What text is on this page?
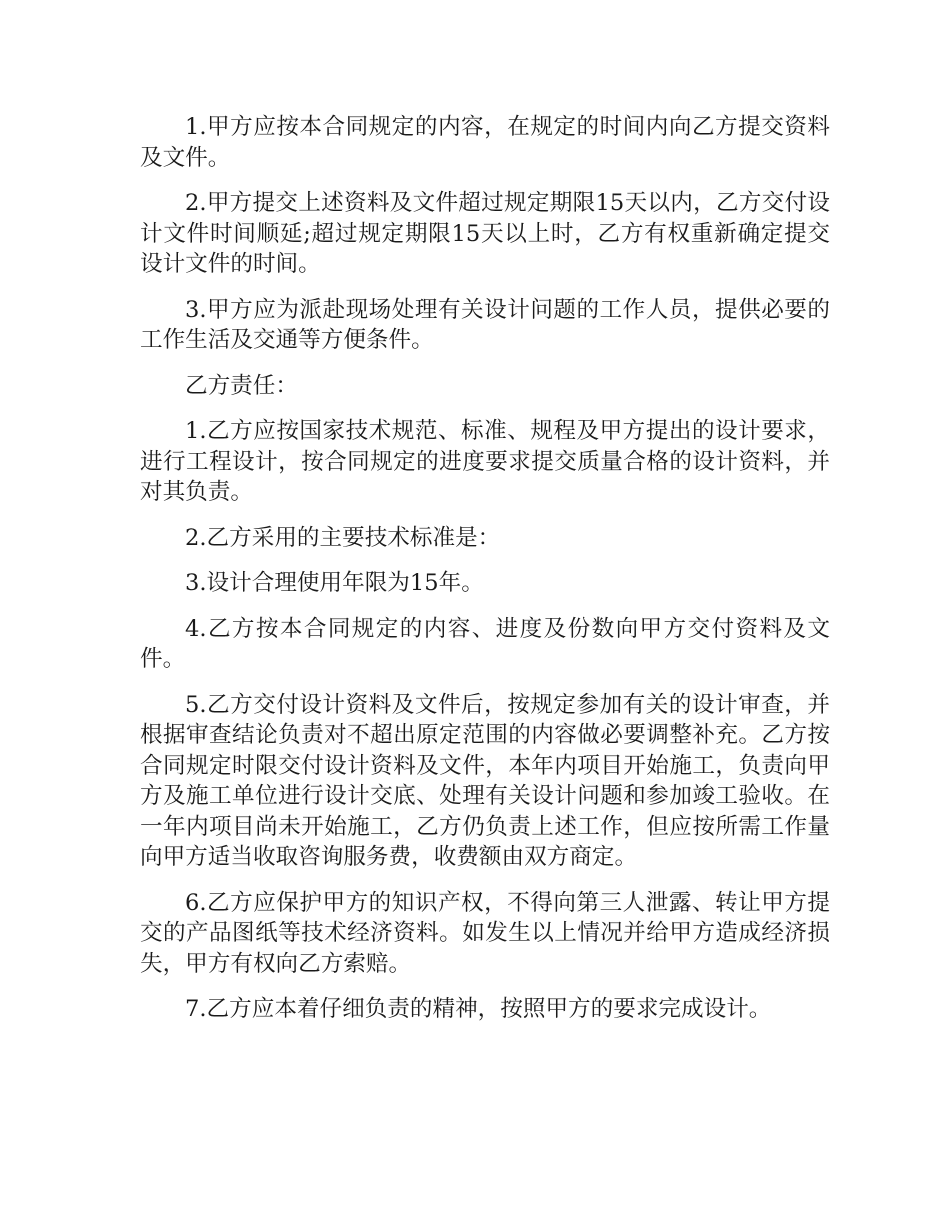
1.甲方应按本合同规定的内容，在规定的时间内向乙方提交资料及文件。

2.甲方提交上述资料及文件超过规定期限15天以内，乙方交付设计文件时间顺延;超过规定期限15天以上时，乙方有权重新确定提交设计文件的时间。

3.甲方应为派赴现场处理有关设计问题的工作人员，提供必要的工作生活及交通等方便条件。

乙方责任：

1.乙方应按国家技术规范、标准、规程及甲方提出的设计要求，进行工程设计，按合同规定的进度要求提交质量合格的设计资料，并对其负责。

2.乙方采用的主要技术标准是：

3.设计合理使用年限为15年。

4.乙方按本合同规定的内容、进度及份数向甲方交付资料及文件。

5.乙方交付设计资料及文件后，按规定参加有关的设计审查，并根据审查结论负责对不超出原定范围的内容做必要调整补充。乙方按合同规定时限交付设计资料及文件，本年内项目开始施工，负责向甲方及施工单位进行设计交底、处理有关设计问题和参加竣工验收。在一年内项目尚未开始施工，乙方仍负责上述工作，但应按所需工作量向甲方适当收取咨询服务费，收费额由双方商定。

6.乙方应保护甲方的知识产权，不得向第三人泄露、转让甲方提交的产品图纸等技术经济资料。如发生以上情况并给甲方造成经济损失，甲方有权向乙方索赔。

7.乙方应本着仔细负责的精神，按照甲方的要求完成设计。
